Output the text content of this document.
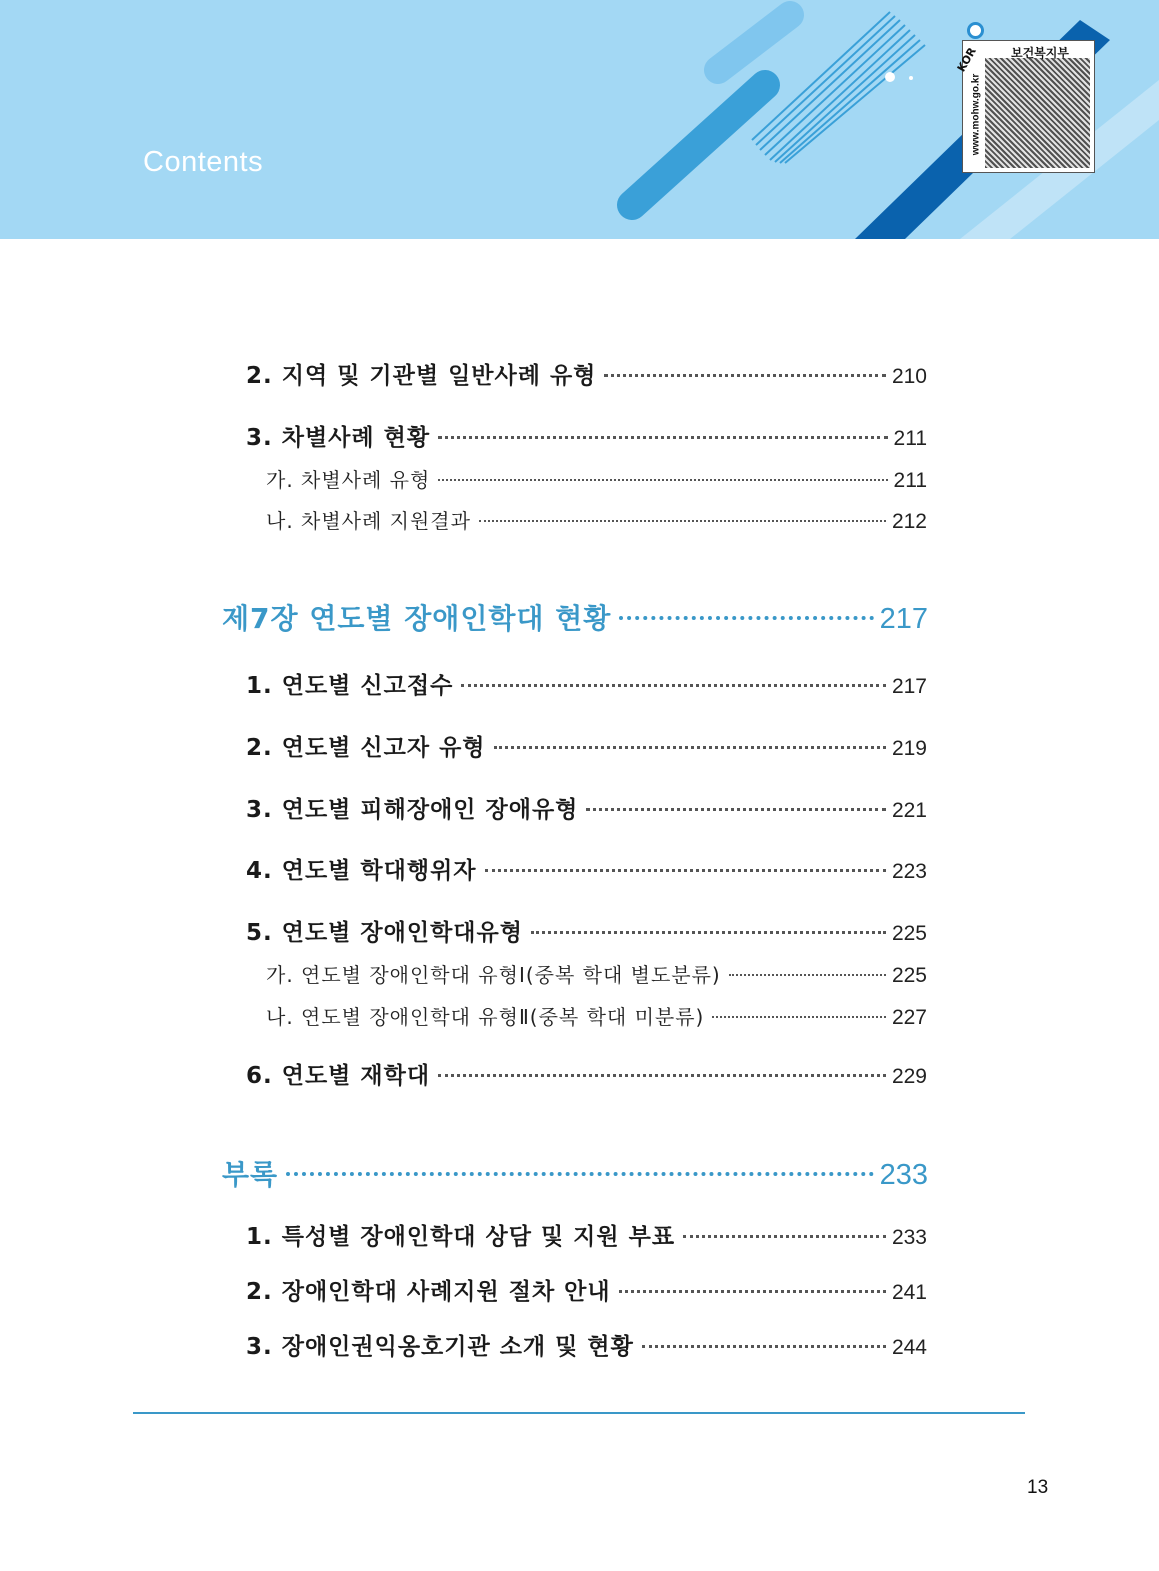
Contents
KOR	보건복지부
www.mohw.go.kr
2. 지역 및 기관별 일반사례 유형	210
3. 차별사례 현황	211
가. 차별사례 유형	211
나. 차별사례 지원결과	212
제7장 연도별 장애인학대 현황	217
1. 연도별 신고접수	217
2. 연도별 신고자 유형	219
3. 연도별 피해장애인 장애유형	221
4. 연도별 학대행위자	223
5. 연도별 장애인학대유형	225
가. 연도별 장애인학대 유형Ⅰ(중복 학대 별도분류)	225
나. 연도별 장애인학대 유형Ⅱ(중복 학대 미분류)	227
6. 연도별 재학대	229
부록	233
1. 특성별 장애인학대 상담 및 지원 부표	233
2. 장애인학대 사례지원 절차 안내	241
3. 장애인권익옹호기관 소개 및 현황	244
13
